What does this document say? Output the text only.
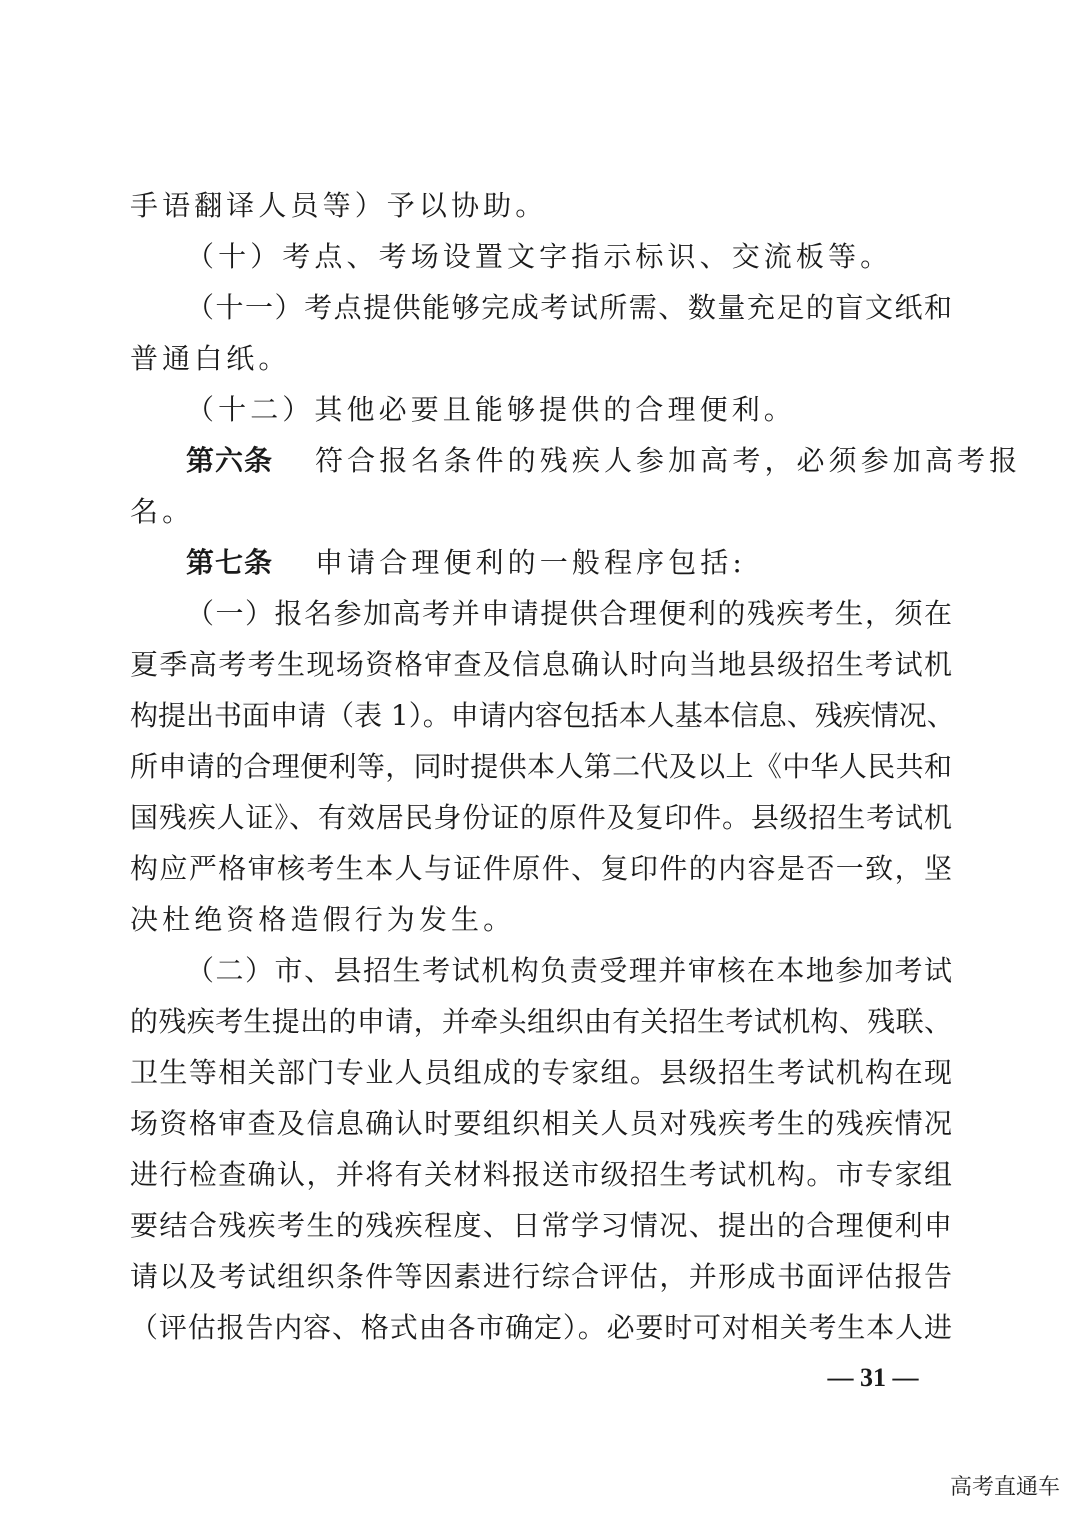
手语翻译人员等）予以协助。
（十）考点、考场设置文字指示标识、交流板等。
（十一）考点提供能够完成考试所需、数量充足的盲文纸和
普通白纸。
（十二）其他必要且能够提供的合理便利。
第六条 符合报名条件的残疾人参加高考，必须参加高考报
名。
第七条 申请合理便利的一般程序包括:
（一）报名参加高考并申请提供合理便利的残疾考生，须在
夏季高考考生现场资格审查及信息确认时向当地县级招生考试机
构提出书面申请（表 1）。申请内容包括本人基本信息、残疾情况、
所申请的合理便利等，同时提供本人第二代及以上《中华人民共和
国残疾人证》、有效居民身份证的原件及复印件。县级招生考试机
构应严格审核考生本人与证件原件、复印件的内容是否一致，坚
决杜绝资格造假行为发生。
（二）市、县招生考试机构负责受理并审核在本地参加考试
的残疾考生提出的申请，并牵头组织由有关招生考试机构、残联、
卫生等相关部门专业人员组成的专家组。县级招生考试机构在现
场资格审查及信息确认时要组织相关人员对残疾考生的残疾情况
进行检查确认，并将有关材料报送市级招生考试机构。市专家组
要结合残疾考生的残疾程度、日常学习情况、提出的合理便利申
请以及考试组织条件等因素进行综合评估，并形成书面评估报告
（评估报告内容、格式由各市确定）。必要时可对相关考生本人进
— 31 —
高考直通车
